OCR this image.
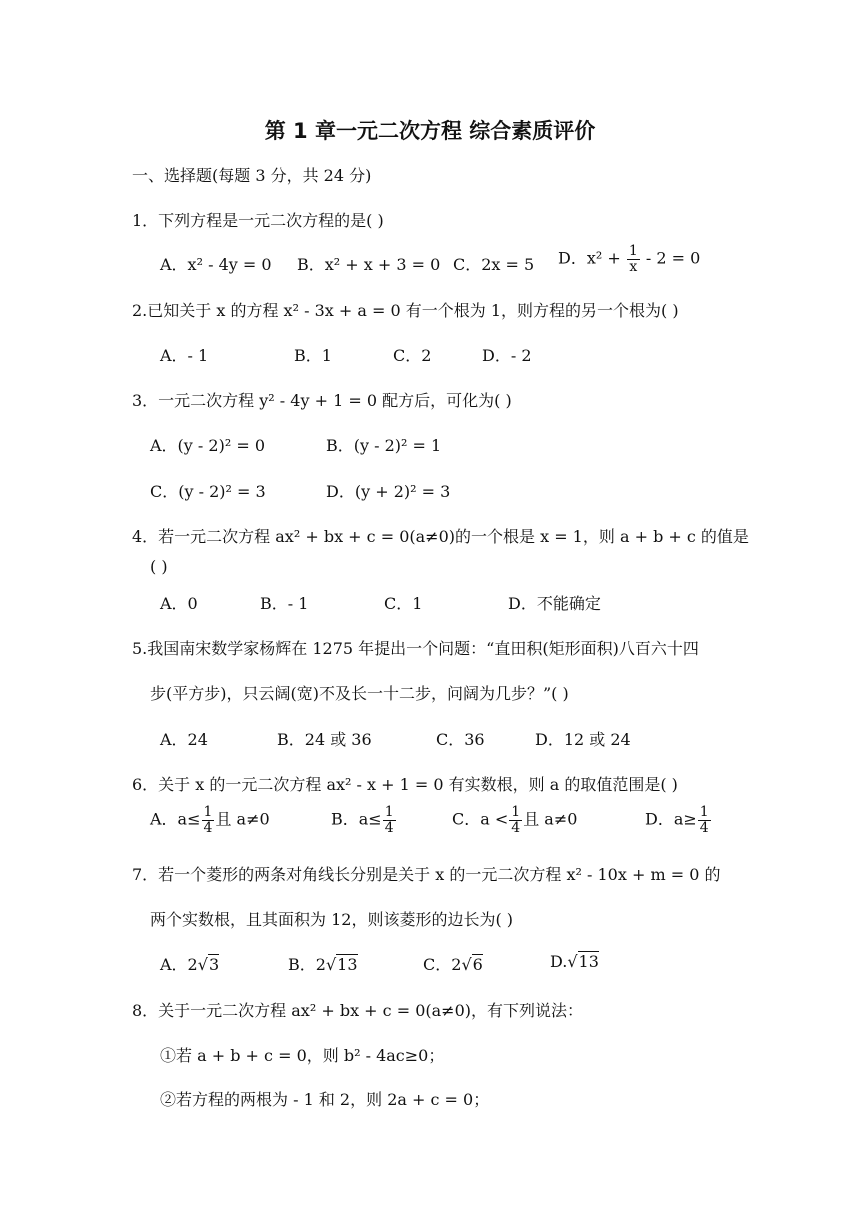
第 1 章一元二次方程 综合素质评价
一、选择题(每题 3 分，共 24 分)
1．下列方程是一元二次方程的是( )
A．x² - 4y = 0 B．x² + x + 3 = 0 C．2x = 5 D．$x^2 + \frac{1}{x} - 2 = 0$
2.已知关于 x 的方程 x² - 3x + a = 0 有一个根为 1，则方程的另一个根为( )
A．- 1	B．1	C．2	D．- 2
3．一元二次方程 y² - 4y + 1 = 0 配方后，可化为( )
A．(y - 2)² = 0	B．(y - 2)² = 1
C．(y - 2)² = 3	D．(y + 2)² = 3
4．若一元二次方程 ax² + bx + c = 0(a≠0)的一个根是 x = 1，则 a + b + c 的值是
( )
A．0	B．- 1	C．1	D．不能确定
5.我国南宋数学家杨辉在 1275 年提出一个问题：“直田积(矩形面积)八百六十四
步(平方步)，只云阔(宽)不及长一十二步，问阔为几步？”( )
A．24	B．24 或 36	C．36	D．12 或 24
6．关于 x 的一元二次方程 ax² - x + 1 = 0 有实数根，则 a 的取值范围是( )
A．$a\le \frac{1}{4}$ 且 a≠0	B．$a\le \frac{1}{4}$	C．$a < \frac{1}{4}$ 且 a≠0	D．$a\ge \frac{1}{4}$
7．若一个菱形的两条对角线长分别是关于 x 的一元二次方程 x² - 10x + m = 0 的
两个实数根，且其面积为 12，则该菱形的边长为( )
A．2√3	B．2√13	C．2√6	D.√13
8．关于一元二次方程 ax² + bx + c = 0(a≠0)，有下列说法：
①若 a + b + c = 0，则 b² - 4ac≥0；
②若方程的两根为 - 1 和 2，则 2a + c = 0；
